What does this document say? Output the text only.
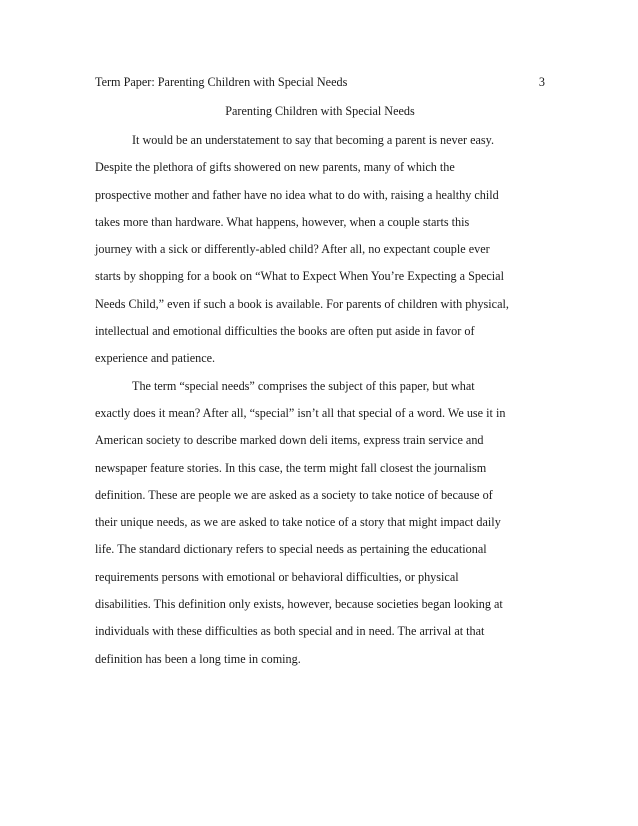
Term Paper: Parenting Children with Special Needs	3
Parenting Children with Special Needs
It would be an understatement to say that becoming a parent is never easy.
Despite the plethora of gifts showered on new parents, many of which the
prospective mother and father have no idea what to do with, raising a healthy child
takes more than hardware. What happens, however, when a couple starts this
journey with a sick or differently-abled child? After all, no expectant couple ever
starts by shopping for a book on “What to Expect When You’re Expecting a Special
Needs Child,” even if such a book is available. For parents of children with physical,
intellectual and emotional difficulties the books are often put aside in favor of
experience and patience.
The term “special needs” comprises the subject of this paper, but what
exactly does it mean? After all, “special” isn’t all that special of a word. We use it in
American society to describe marked down deli items, express train service and
newspaper feature stories. In this case, the term might fall closest the journalism
definition. These are people we are asked as a society to take notice of because of
their unique needs, as we are asked to take notice of a story that might impact daily
life. The standard dictionary refers to special needs as pertaining the educational
requirements persons with emotional or behavioral difficulties, or physical
disabilities. This definition only exists, however, because societies began looking at
individuals with these difficulties as both special and in need. The arrival at that
definition has been a long time in coming.
